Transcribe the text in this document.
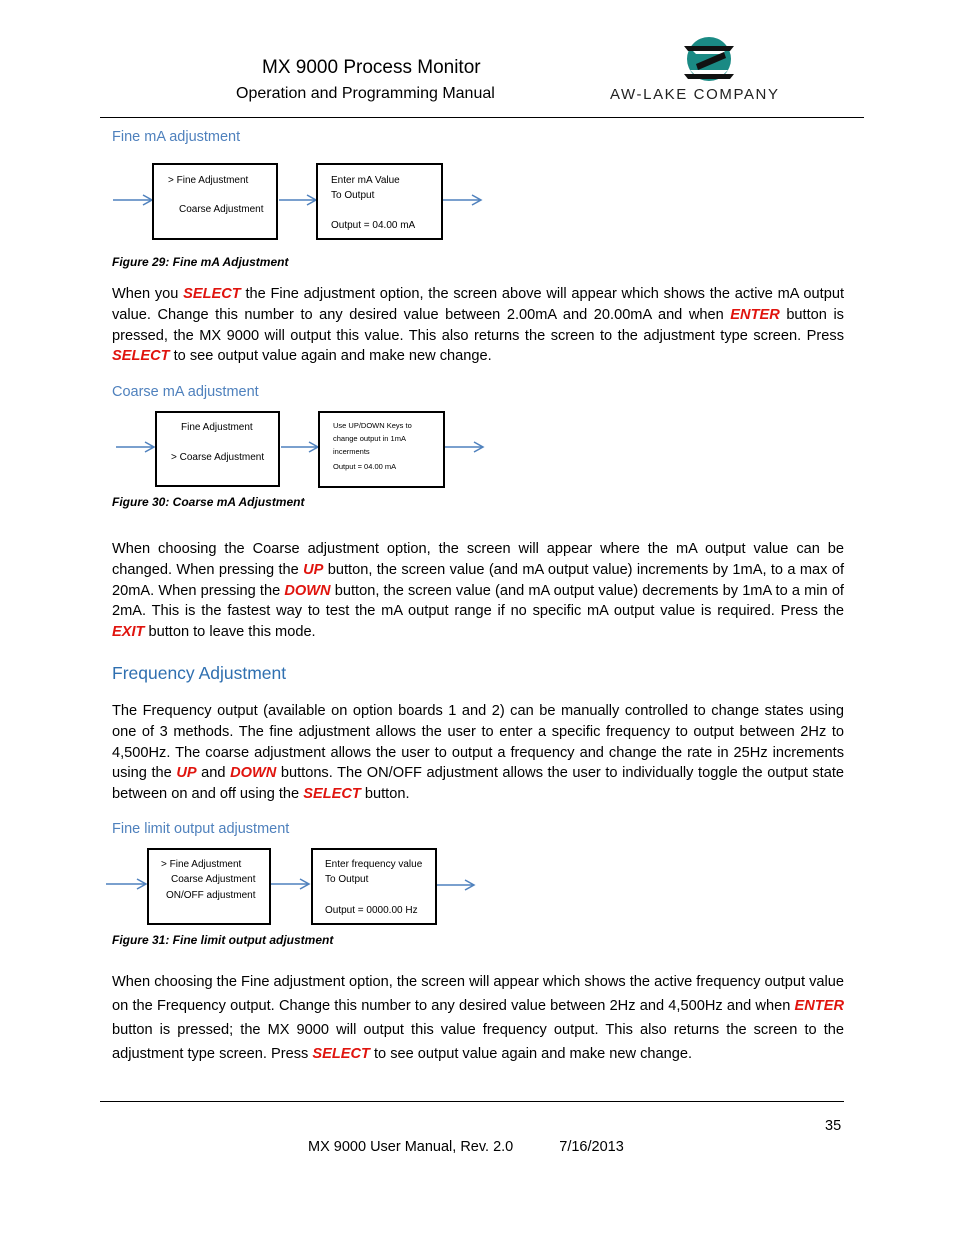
MX 9000 Process Monitor
Operation and Programming Manual	AW-LAKE COMPANY
Fine mA adjustment
> Fine Adjustment
Coarse Adjustment
Enter mA Value
To Output
Output = 04.00 mA
Figure 29: Fine mA Adjustment
When you SELECT the Fine adjustment option, the screen above will appear which shows the active mA output value. Change this number to any desired value between 2.00mA and 20.00mA and when ENTER button is pressed, the MX 9000 will output this value. This also returns the screen to the adjustment type screen. Press SELECT to see output value again and make new change.
Coarse mA adjustment
Fine Adjustment
> Coarse Adjustment
Use UP/DOWN Keys to
change output in 1mA
incerments
Output = 04.00 mA
Figure 30: Coarse mA Adjustment
When choosing the Coarse adjustment option, the screen will appear where the mA output value can be changed. When pressing the UP button, the screen value (and mA output value) increments by 1mA, to a max of 20mA. When pressing the DOWN button, the screen value (and mA output value) decrements by 1mA to a min of 2mA. This is the fastest way to test the mA output range if no specific mA output value is required. Press the EXIT button to leave this mode.
Frequency Adjustment
The Frequency output (available on option boards 1 and 2) can be manually controlled to change states using one of 3 methods. The fine adjustment allows the user to enter a specific frequency to output between 2Hz to 4,500Hz. The coarse adjustment allows the user to output a frequency and change the rate in 25Hz increments using the UP and DOWN buttons. The ON/OFF adjustment allows the user to individually toggle the output state between on and off using the SELECT button.
Fine limit output adjustment
> Fine Adjustment
Coarse Adjustment
ON/OFF adjustment
Enter frequency value
To Output
Output = 0000.00 Hz
Figure 31: Fine limit output adjustment
When choosing the Fine adjustment option, the screen will appear which shows the active frequency output value on the Frequency output. Change this number to any desired value between 2Hz and 4,500Hz and when ENTER button is pressed; the MX 9000 will output this value frequency output. This also returns the screen to the adjustment type screen. Press SELECT to see output value again and make new change.
35
MX 9000 User Manual, Rev. 2.0	7/16/2013
